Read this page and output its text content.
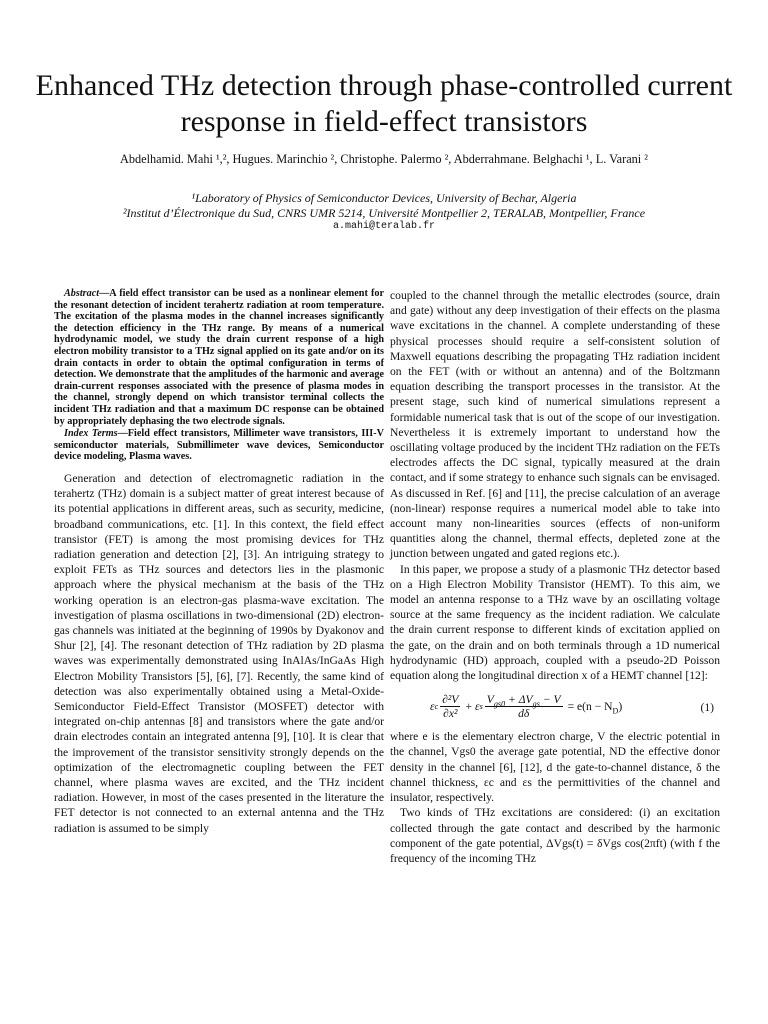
Enhanced THz detection through phase-controlled current response in field-effect transistors
Abdelhamid. Mahi ¹,², Hugues. Marinchio ², Christophe. Palermo ², Abderrahmane. Belghachi ¹, L. Varani ²
¹Laboratory of Physics of Semiconductor Devices, University of Bechar, Algeria
²Institut d’Électronique du Sud, CNRS UMR 5214, Université Montpellier 2, TERALAB, Montpellier, France
a.mahi@teralab.fr

Abstract—A field effect transistor can be used as a nonlinear element for the resonant detection of incident terahertz radiation at room temperature. The excitation of the plasma modes in the channel increases significantly the detection efficiency in the THz range. By means of a numerical hydrodynamic model, we study the drain current response of a high electron mobility transistor to a THz signal applied on its gate and/or on its drain contacts in order to obtain the optimal configuration in terms of detection. We demonstrate that the amplitudes of the harmonic and average drain-current responses associated with the presence of plasma modes in the channel, strongly depend on which transistor terminal collects the incident THz radiation and that a maximum DC response can be obtained by appropriately dephasing the two electrode signals.

Index Terms—Field effect transistors, Millimeter wave transistors, III-V semiconductor materials, Submillimeter wave devices, Semiconductor device modeling, Plasma waves.

Generation and detection of electromagnetic radiation in the terahertz (THz) domain is a subject matter of great interest because of its potential applications in different areas, such as security, medicine, broadband communications, etc. [1]. In this context, the field effect transistor (FET) is among the most promising devices for THz radiation generation and detection [2], [3]. An intriguing strategy to exploit FETs as THz sources and detectors lies in the plasmonic approach where the physical mechanism at the basis of the THz working operation is an electron-gas plasma-wave excitation. The investigation of plasma oscillations in two-dimensional (2D) electron-gas channels was initiated at the beginning of 1990s by Dyakonov and Shur [2], [4]. The resonant detection of THz radiation by 2D plasma waves was experimentally demonstrated using InAlAs/InGaAs High Electron Mobility Transistors [5], [6], [7]. Recently, the same kind of detection was also experimentally obtained using a Metal-Oxide-Semiconductor Field-Effect Transistor (MOSFET) detector with integrated on-chip antennas [8] and transistors where the gate and/or drain electrodes contain an integrated antenna [9], [10]. It is clear that the improvement of the transistor sensitivity strongly depends on the optimization of the electromagnetic coupling between the FET channel, where plasma waves are excited, and the THz incident radiation. However, in most of the cases presented in the literature the FET detector is not connected to an external antenna and the THz radiation is assumed to be simply

coupled to the channel through the metallic electrodes (source, drain and gate) without any deep investigation of their effects on the plasma wave excitations in the channel. A complete understanding of these physical processes should require a self-consistent solution of Maxwell equations describing the propagating THz radiation incident on the FET (with or without an antenna) and of the Boltzmann equation describing the transport processes in the transistor. At the present stage, such kind of numerical simulations represent a formidable numerical task that is out of the scope of our investigation. Nevertheless it is extremely important to understand how the oscillating voltage produced by the incident THz radiation on the FETs electrodes affects the DC signal, typically measured at the drain contact, and if some strategy to enhance such signals can be envisaged. As discussed in Ref. [6] and [11], the precise calculation of an average (non-linear) response requires a numerical model able to take into account many non-linearities sources (effects of non-uniform quantities along the channel, thermal effects, depleted zone at the junction between ungated and gated regions etc.).

In this paper, we propose a study of a plasmonic THz detector based on a High Electron Mobility Transistor (HEMT). To this aim, we model an antenna response to a THz wave by an oscillating voltage source at the same frequency as the incident radiation. We calculate the drain current response to different kinds of excitation applied on the gate, on the drain and on both terminals through a 1D numerical hydrodynamic (HD) approach, coupled with a pseudo-2D Poisson equation along the longitudinal direction x of a HEMT channel [12]:

ε c $\frac{\text{∂²V}}{\text{∂x²}} + \varepsilon$ s $\frac{V_{gs0} + \Delta V_{gs} - V}{d\delta} = e(n - N_D)$	(1)

where e is the elementary electron charge, V the electric potential in the channel, Vgs0 the average gate potential, ND the effective donor density in the channel [6], [12], d the gate-to-channel distance, δ the channel thickness, εc and εs the permittivities of the channel and insulator, respectively.

Two kinds of THz excitations are considered: (i) an excitation collected through the gate contact and described by the harmonic component of the gate potential, ΔVgs(t) = δVgs cos(2πft) (with f the frequency of the incoming THz
